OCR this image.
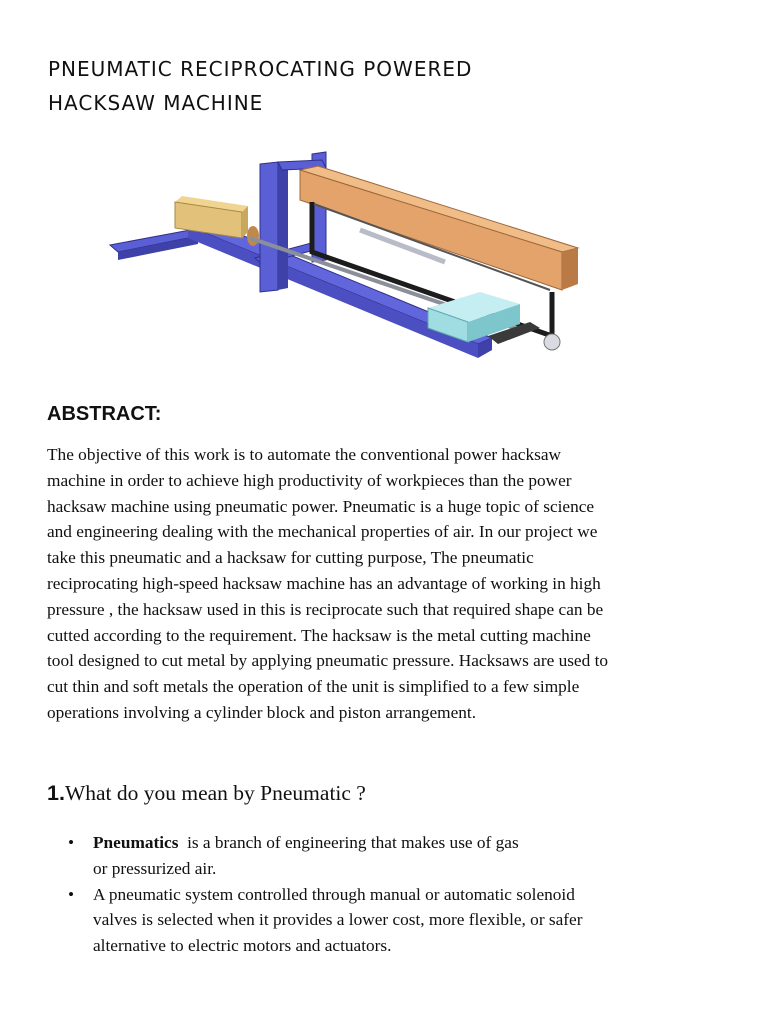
PNEUMATIC RECIPROCATING POWERED
HACKSAW MACHINE
ABSTRACT:

The objective of this work is to automate the conventional power hacksaw
machine in order to achieve high productivity of workpieces than the power
hacksaw machine using pneumatic power. Pneumatic is a huge topic of science
and engineering dealing with the mechanical properties of air. In our project we
take this pneumatic and a hacksaw for cutting purpose, The pneumatic
reciprocating high-speed hacksaw machine has an advantage of working in high
pressure , the hacksaw used in this is reciprocate such that required shape can be
cutted according to the requirement. The hacksaw is the metal cutting machine
tool designed to cut metal by applying pneumatic pressure. Hacksaws are used to
cut thin and soft metals the operation of the unit is simplified to a few simple
operations involving a cylinder block and piston arrangement.

1.What do you mean by Pneumatic ?
• Pneumatics  is a branch of engineering that makes use of gas
or pressurized air.
• A pneumatic system controlled through manual or automatic solenoid
valves is selected when it provides a lower cost, more flexible, or safer
alternative to electric motors and actuators.
